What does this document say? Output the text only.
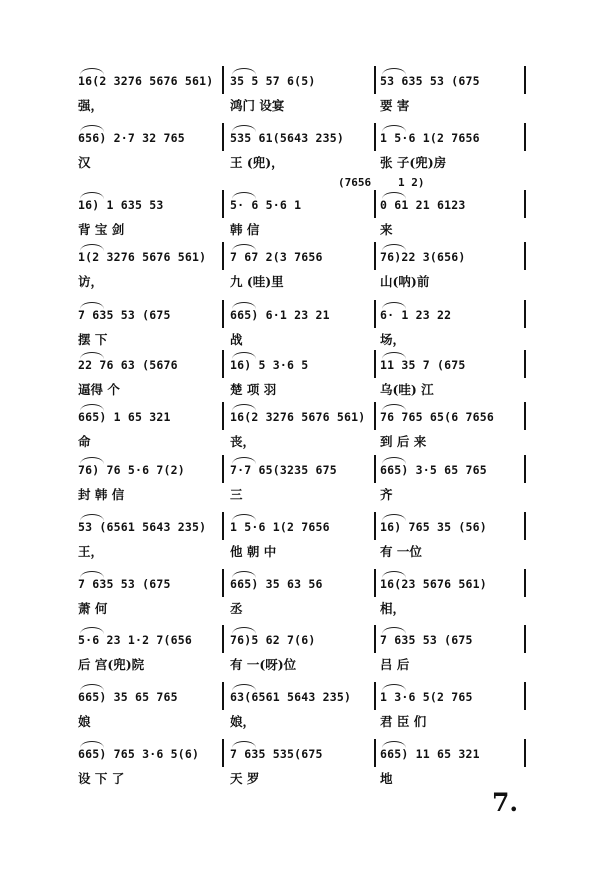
16(2 3276 5676 561)
强，
35 5 57 6(5)
鸿门 设宴
53 635 53 (675
要 害
656) 2·7 32 765
汉
535 61(5643 235)
王 (兜)，
1 5·6 1(2 7656
张 子(兜)房
16) 1 635 53
背 宝 剑
5· 6 5·6 1
韩 信
0 61 21 6123
来
1(2 3276 5676 561)
访，
7 67 2(3 7656
九 (哇)里
76)22 3(656)
山(呐)前
7 635 53 (675
摆 下
665) 6·1 23 21
战
6· 1 23 22
场，
22 76 63 (5676
逼得 个
16) 5 3·6 5
楚 项 羽
11 35 7 (675
乌(哇) 江
665) 1 65 321
命
16(2 3276 5676 561)
丧，
76 765 65(6 7656
到 后 来
76) 76 5·6 7(2)
封 韩 信
7·7 65(3235 675
三
665) 3·5 65 765
齐
53 (6561 5643 235)
王，
1 5·6 1(2 7656
他 朝 中
16) 765 35 (56)
有 一位
7 635 53 (675
萧 何
665) 35 63 56
丞
16(23 5676 561)
相，
5·6 23 1·2 7(656
后 宫(兜)院
76)5 62 7(6)
有 一(呀)位
7 635 53 (675
吕 后
665) 35 65 765
娘
63(6561 5643 235)
娘，
1 3·6 5(2 765
君 臣 们
665) 765 3·6 5(6)
设 下 了
7 635 535(675
天 罗
665) 11 65 321
地
(7656 1 2)
7.
